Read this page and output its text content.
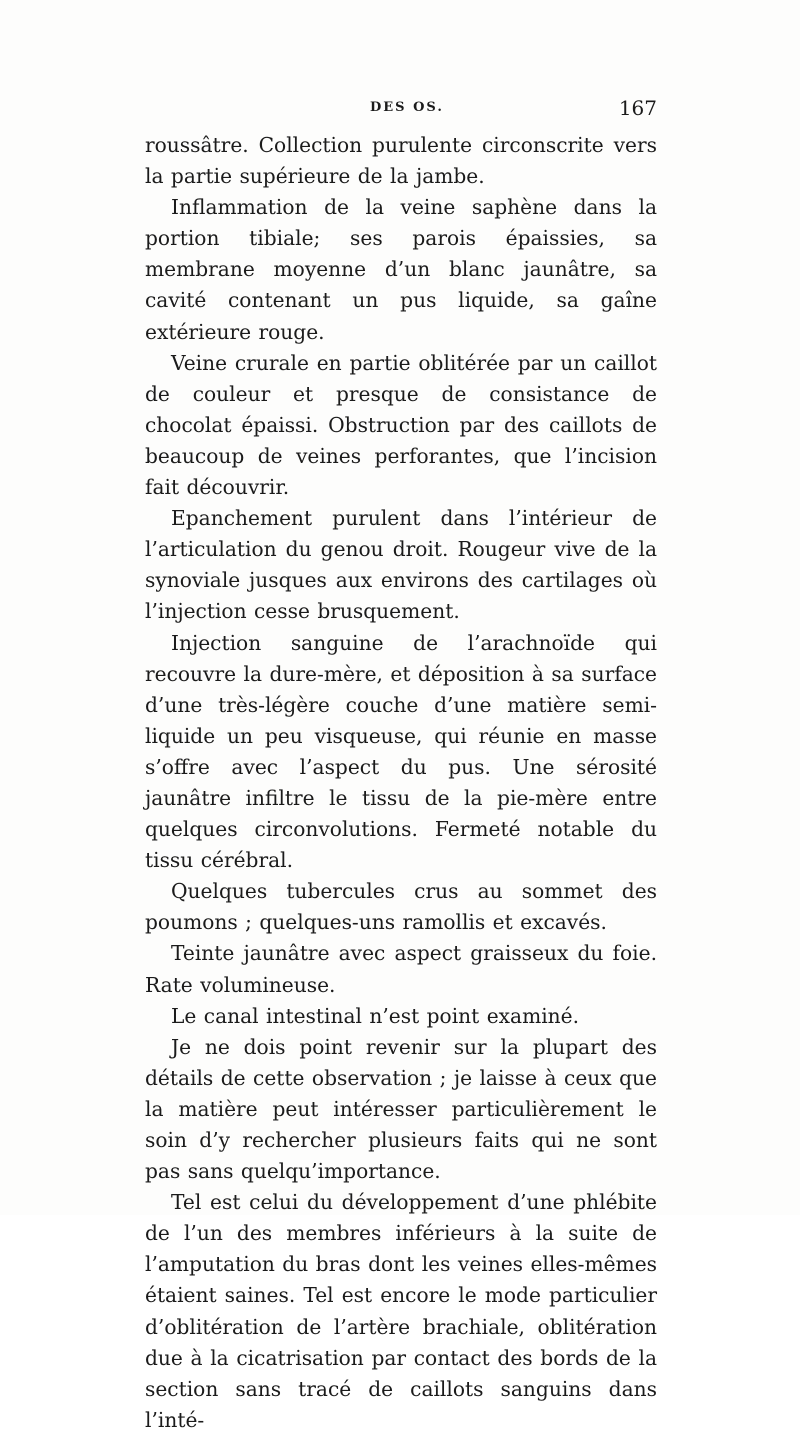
DES OS.	167

roussâtre. Collection purulente circonscrite vers la partie supérieure de la jambe.

Inflammation de la veine saphène dans la portion tibiale; ses parois épaissies, sa membrane moyenne d’un blanc jaunâtre, sa cavité contenant un pus liquide, sa gaîne extérieure rouge.

Veine crurale en partie oblitérée par un caillot de couleur et presque de consistance de chocolat épaissi. Obstruction par des caillots de beaucoup de veines perforantes, que l’incision fait découvrir.

Epanchement purulent dans l’intérieur de l’articulation du genou droit. Rougeur vive de la synoviale jusques aux environs des cartilages où l’injection cesse brusquement.

Injection sanguine de l’arachnoïde qui recouvre la dure-mère, et déposition à sa surface d’une très-légère couche d’une matière semi-liquide un peu visqueuse, qui réunie en masse s’offre avec l’aspect du pus. Une sérosité jaunâtre infiltre le tissu de la pie-mère entre quelques circonvolutions. Fermeté notable du tissu cérébral.

Quelques tubercules crus au sommet des poumons ; quelques-uns ramollis et excavés.

Teinte jaunâtre avec aspect graisseux du foie. Rate volumineuse.

Le canal intestinal n’est point examiné.

Je ne dois point revenir sur la plupart des détails de cette observation ; je laisse à ceux que la matière peut intéresser particulièrement le soin d’y rechercher plusieurs faits qui ne sont pas sans quelqu’importance.

Tel est celui du développement d’une phlébite de l’un des membres inférieurs à la suite de l’amputation du bras dont les veines elles-mêmes étaient saines. Tel est encore le mode particulier d’oblitération de l’artère brachiale, oblitération due à la cicatrisation par contact des bords de la section sans tracé de caillots sanguins dans l’inté-
